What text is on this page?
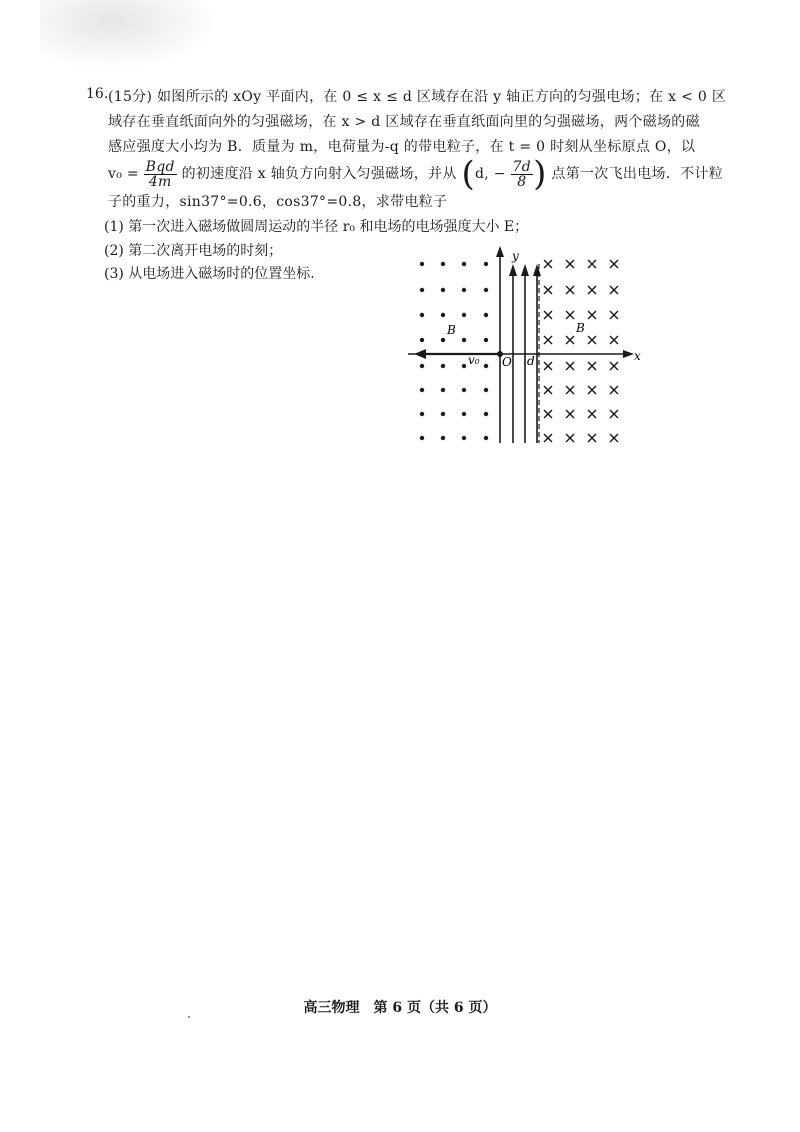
16. (15分) 如图所示的 xOy 平面内，在 0 ≤ x ≤ d 区域存在沿 y 轴正方向的匀强电场；在 x < 0 区
域存在垂直纸面向外的匀强磁场，在 x > d 区域存在垂直纸面向里的匀强磁场，两个磁场的磁
感应强度大小均为 B．质量为 m，电荷量为-q 的带电粒子，在 t = 0 时刻从坐标原点 O，以
$v_0 = \frac{\text{Bqd}}{4m}$ 的初速度沿 x 轴负方向射入匀强磁场，并从 (d, − $\frac{7d}{8}$ ) 点第一次飞出电场．不计粒
子的重力，sin37°=0.6，cos37°=0.8，求带电粒子
(1) 第一次进入磁场做圆周运动的半径 r₀ 和电场的电场强度大小 E；
(2) 第二次离开电场的时刻；
(3) 从电场进入磁场时的位置坐标.
y
x
O d
v₀
B	B
高三物理　第 6 页（共 6 页）
